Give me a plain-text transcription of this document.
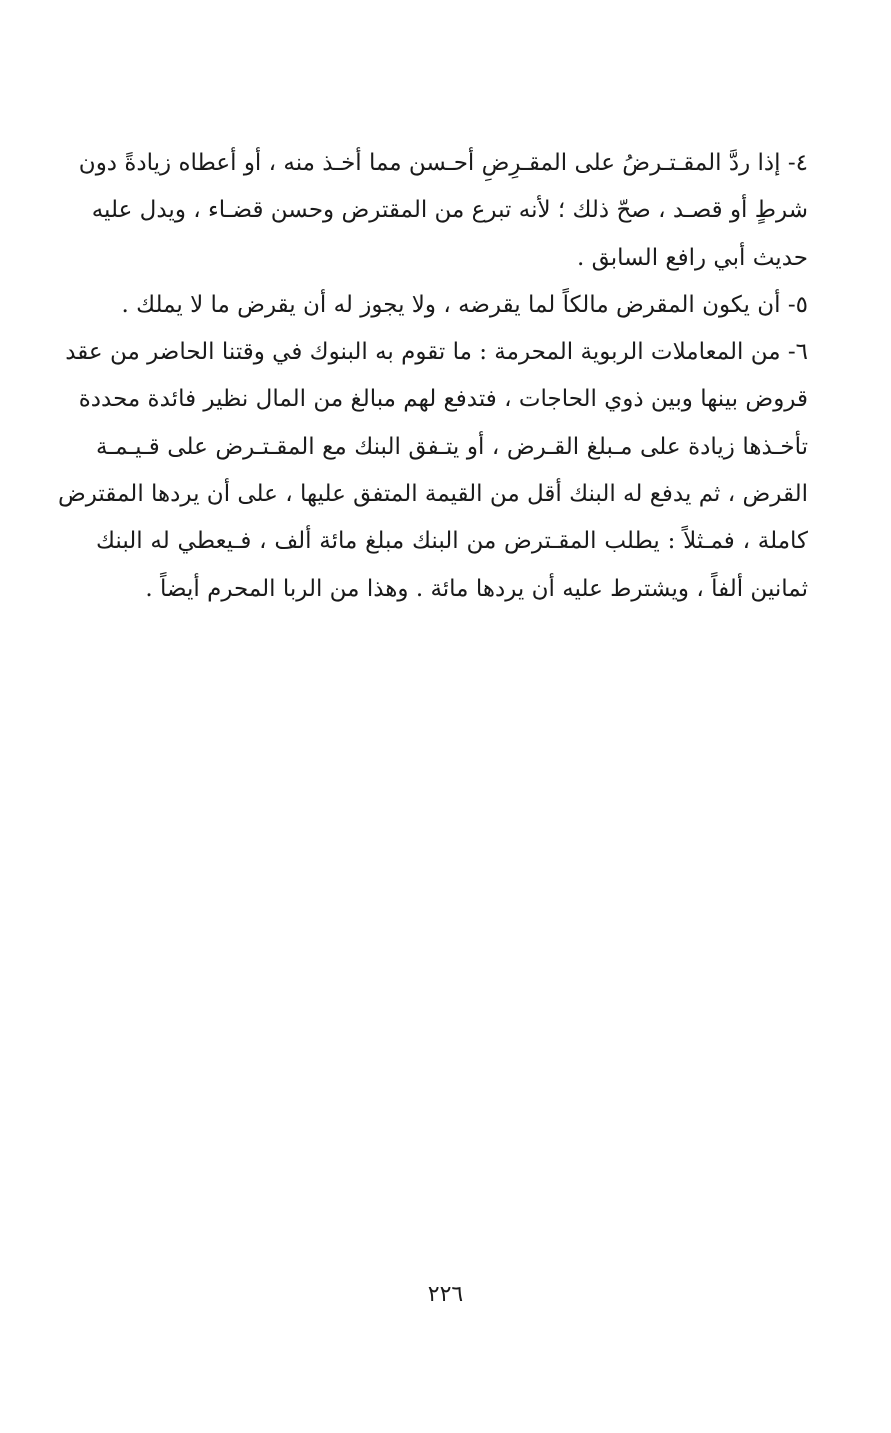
٤- إذا ردَّ المقـتـرضُ على المقـرِضِ أحـسن مما أخـذ منه ، أو أعطاه زيادةً دون
شرطٍ أو قصـد ، صحّ ذلك ؛ لأنه تبرع من المقترض وحسن قضـاء ، ويدل عليه
حديث أبي رافع السابق .
٥- أن يكون المقرض مالكاً لما يقرضه ، ولا يجوز له أن يقرض ما لا يملك .
٦- من المعاملات الربوية المحرمة : ما تقوم به البنوك في وقتنا الحاضر من عقد
قروض بينها وبين ذوي الحاجات ، فتدفع لهم مبالغ من المال نظير فائدة محددة
تأخـذها زيادة على مـبلغ القـرض ، أو يتـفق البنك مع المقـتـرض على قـيـمـة
القرض ، ثم يدفع له البنك أقل من القيمة المتفق عليها ، على أن يردها المقترض
كاملة ، فمـثلاً : يطلب المقـترض من البنك مبلغ مائة ألف ، فـيعطي له البنك
ثمانين ألفاً ، ويشترط عليه أن يردها مائة . وهذا من الربا المحرم أيضاً .
٢٢٦
